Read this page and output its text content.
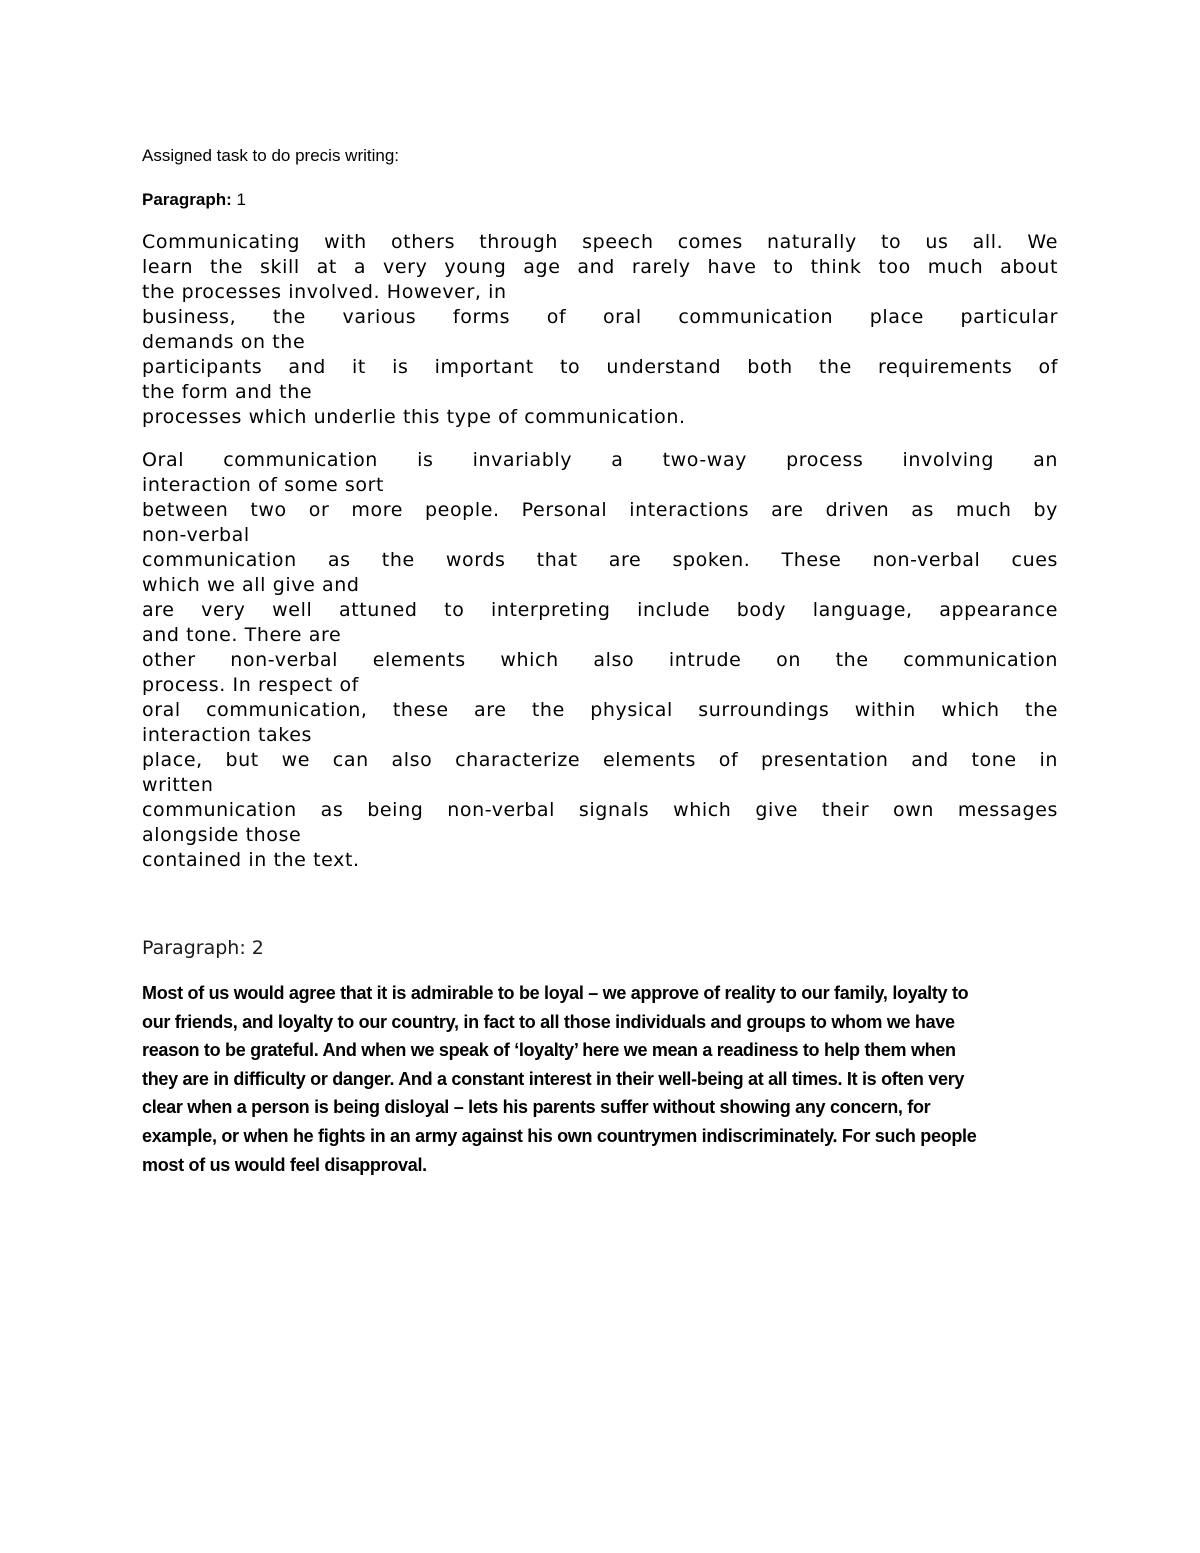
Assigned task to do precis writing:
Paragraph: 1
Communicating with others through speech comes naturally to us all. We
learn the skill at a very young age and rarely have to think too much about
the processes involved. However, in
business, the various forms of oral communication place particular
demands on the
participants and it is important to understand both the requirements of
the form and the
processes which underlie this type of communication.
Oral communication is invariably a two-way process involving an
interaction of some sort
between two or more people. Personal interactions are driven as much by
non-verbal
communication as the words that are spoken. These non-verbal cues
which we all give and
are very well attuned to interpreting include body language, appearance
and tone. There are
other non-verbal elements which also intrude on the communication
process. In respect of
oral communication, these are the physical surroundings within which the
interaction takes
place, but we can also characterize elements of presentation and tone in
written
communication as being non-verbal signals which give their own messages
alongside those
contained in the text.
Paragraph: 2
Most of us would agree that it is admirable to be loyal – we approve of reality to our family, loyalty to
our friends, and loyalty to our country, in fact to all those individuals and groups to whom we have
reason to be grateful. And when we speak of ‘loyalty’ here we mean a readiness to help them when
they are in difficulty or danger. And a constant interest in their well-being at all times. It is often very
clear when a person is being disloyal – lets his parents suffer without showing any concern, for
example, or when he fights in an army against his own countrymen indiscriminately. For such people
most of us would feel disapproval.
